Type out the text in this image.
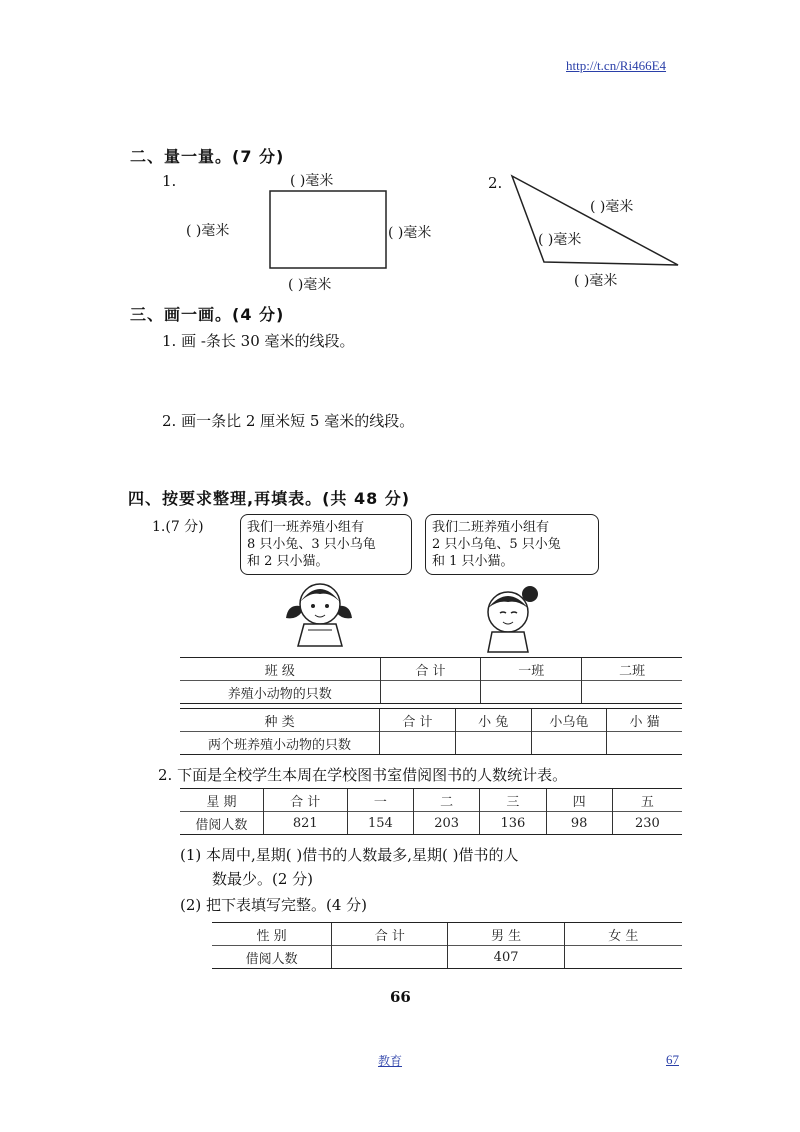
http://t.cn/Ri466E4
二、量一量。(7 分)
1.	( )毫米
( )毫米	( )毫米
( )毫米
2.
( )毫米
( )毫米
( )毫米
三、画一画。(4 分)
1. 画 -条长 30 毫米的线段。
2. 画一条比 2 厘米短 5 毫米的线段。
四、按要求整理,再填表。(共 48 分)
1.(7 分)	我们一班养殖小组有
8 只小兔、3 只小乌龟
和 2 只小猫。
我们二班养殖小组有
2 只小乌龟、5 只小兔
和 1 只小猫。
班 级	合 计	一班	二班
养殖小动物的只数			
种 类	合 计	小 兔	小乌龟	小 猫
两个班养殖小动物的只数				
2. 下面是全校学生本周在学校图书室借阅图书的人数统计表。
星 期	合 计	一	二	三	四	五
借阅人数	821	154	203	136	98	230
(1) 本周中,星期( )借书的人数最多,星期( )借书的人
数最少。(2 分)
(2) 把下表填写完整。(4 分)
性 别	合 计	男 生	女 生
借阅人数		407	
66
教育	67
